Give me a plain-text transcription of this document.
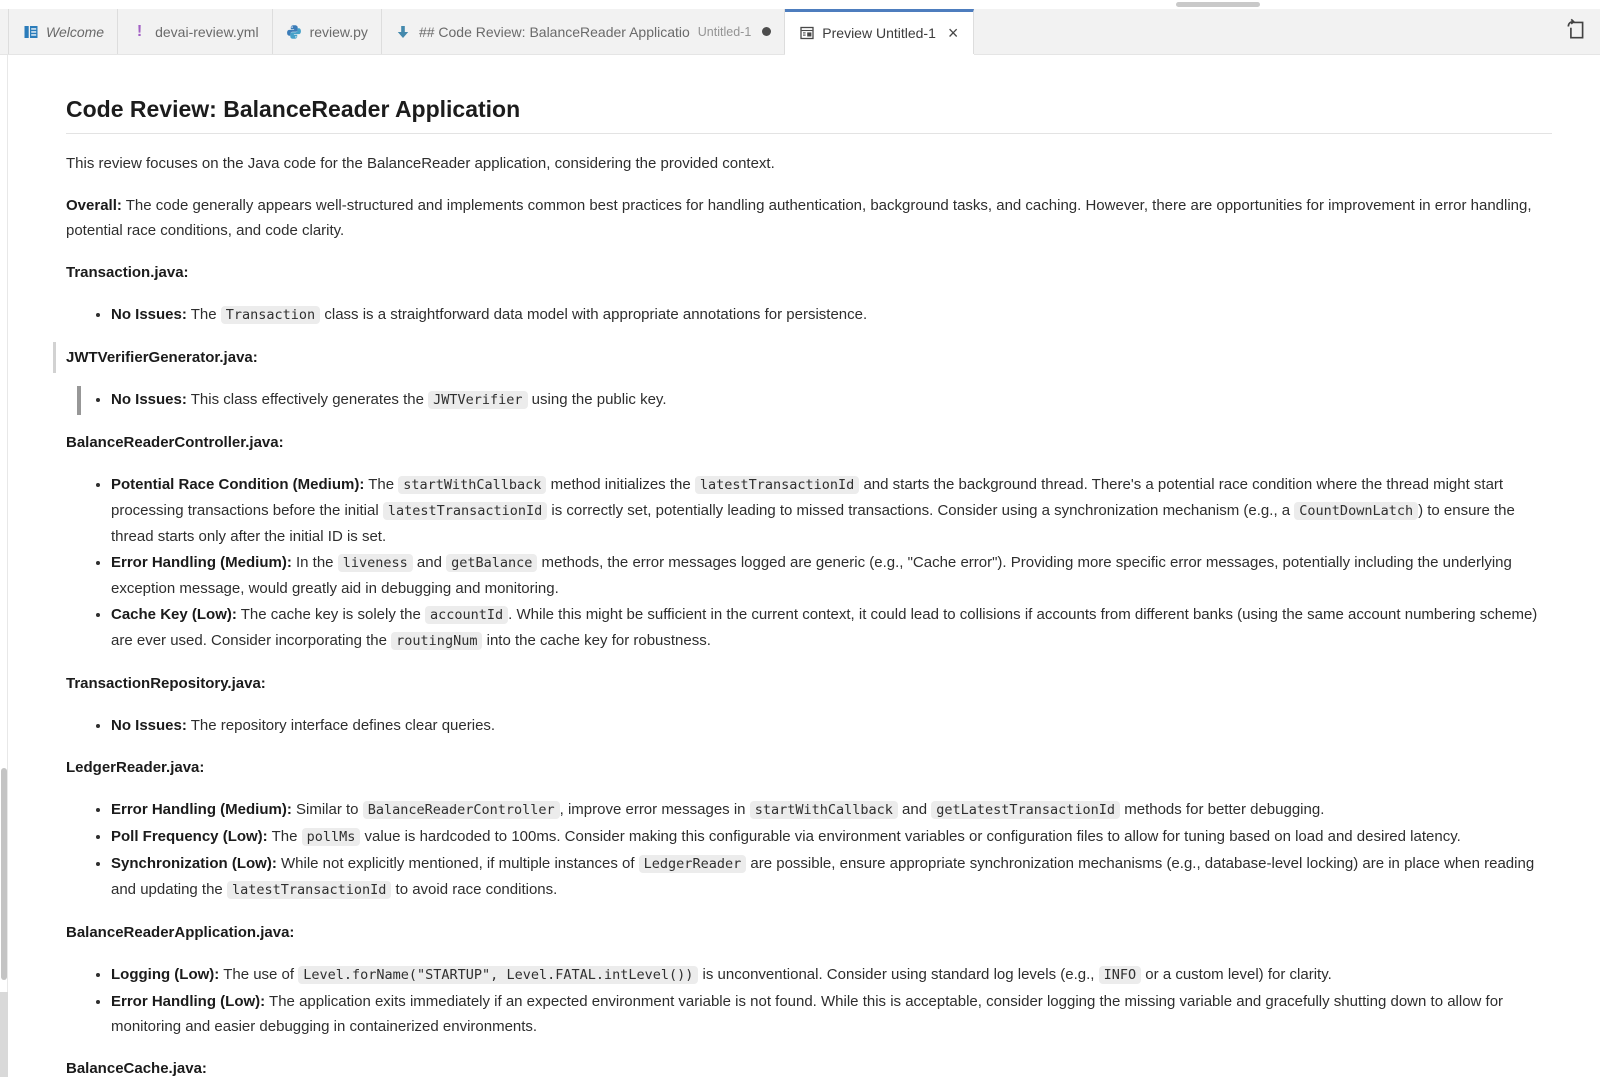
Welcome ! devai-review.yml	review.py	## Code Review: BalanceReader Applicatio Untitled-1	Preview Untitled-1 ×
Code Review: BalanceReader Application

This review focuses on the Java code for the BalanceReader application, considering the provided context.

Overall: The code generally appears well-structured and implements common best practices for handling authentication, background tasks, and caching. However, there are opportunities for improvement in error handling, potential race conditions, and code clarity.

Transaction.java:

• No Issues: The Transaction class is a straightforward data model with appropriate annotations for persistence.

JWTVerifierGenerator.java:

• No Issues: This class effectively generates the JWTVerifier using the public key.

BalanceReaderController.java:

• Potential Race Condition (Medium): The startWithCallback method initializes the latestTransactionId and starts the background thread. There's a potential race condition where the thread might start processing transactions before the initial latestTransactionId is correctly set, potentially leading to missed transactions. Consider using a synchronization mechanism (e.g., a CountDownLatch ) to ensure the thread starts only after the initial ID is set.
• Error Handling (Medium): In the liveness and getBalance methods, the error messages logged are generic (e.g., "Cache error"). Providing more specific error messages, potentially including the underlying exception message, would greatly aid in debugging and monitoring.
• Cache Key (Low): The cache key is solely the accountId . While this might be sufficient in the current context, it could lead to collisions if accounts from different banks (using the same account numbering scheme) are ever used. Consider incorporating the routingNum into the cache key for robustness.

TransactionRepository.java:

• No Issues: The repository interface defines clear queries.

LedgerReader.java:

• Error Handling (Medium): Similar to BalanceReaderController , improve error messages in startWithCallback and getLatestTransactionId methods for better debugging.
• Poll Frequency (Low): The pollMs value is hardcoded to 100ms. Consider making this configurable via environment variables or configuration files to allow for tuning based on load and desired latency.
• Synchronization (Low): While not explicitly mentioned, if multiple instances of LedgerReader are possible, ensure appropriate synchronization mechanisms (e.g., database-level locking) are in place when reading and updating the latestTransactionId to avoid race conditions.

BalanceReaderApplication.java:

• Logging (Low): The use of Level.forName("STARTUP", Level.FATAL.intLevel()) is unconventional. Consider using standard log levels (e.g., INFO or a custom level) for clarity.
• Error Handling (Low): The application exits immediately if an expected environment variable is not found. While this is acceptable, consider logging the missing variable and gracefully shutting down to allow for monitoring and easier debugging in containerized environments.

BalanceCache.java:
